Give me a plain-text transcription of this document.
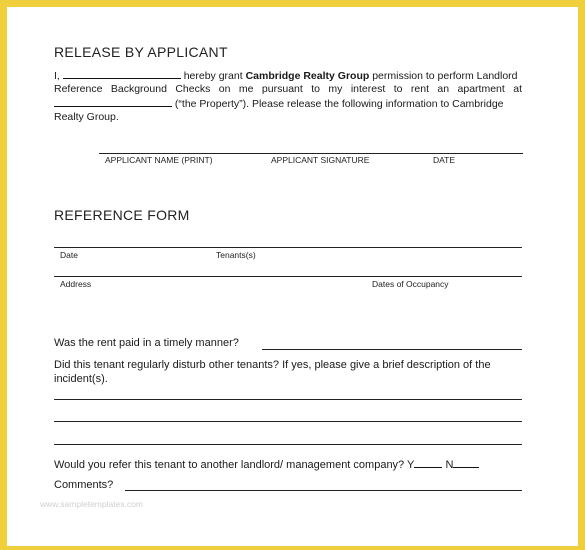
RELEASE BY APPLICANT
I,	hereby grant Cambridge Realty Group permission to perform Landlord
Reference Background Checks on me pursuant to my interest to rent an apartment at
(“the Property”). Please release the following information to Cambridge
Realty Group.
APPLICANT NAME (PRINT)	APPLICANT SIGNATURE	DATE
REFERENCE FORM
Date	Tenants(s)
Address	Dates of Occupancy
Was the rent paid in a timely manner?
Did this tenant regularly disturb other tenants? If yes, please give a brief description of the
incident(s).
Would you refer this tenant to another landlord/ management company? Y	N
Comments?
www.sampletemplates.com
